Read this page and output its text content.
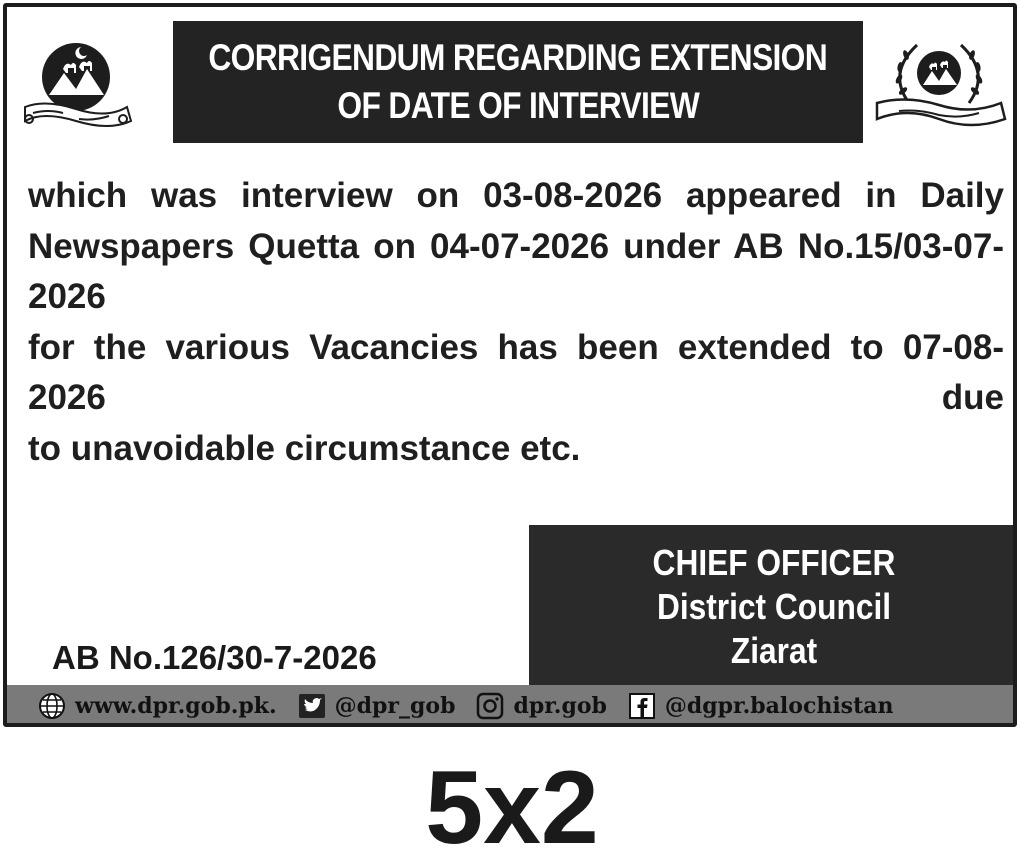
CORRIGENDUM REGARDING EXTENSION
OF DATE OF INTERVIEW
which was interview on 03-08-2026 appeared in Daily
Newspapers Quetta on 04-07-2026 under AB No.15/03-07-2026
for the various Vacancies has been extended to 07-08-2026 due
to unavoidable circumstance etc.
CHIEF OFFICER
District Council
Ziarat
AB No.126/30-7-2026
www.dpr.gob.pk.	@dpr_gob	dpr.gob	@dgpr.balochistan
5x2
